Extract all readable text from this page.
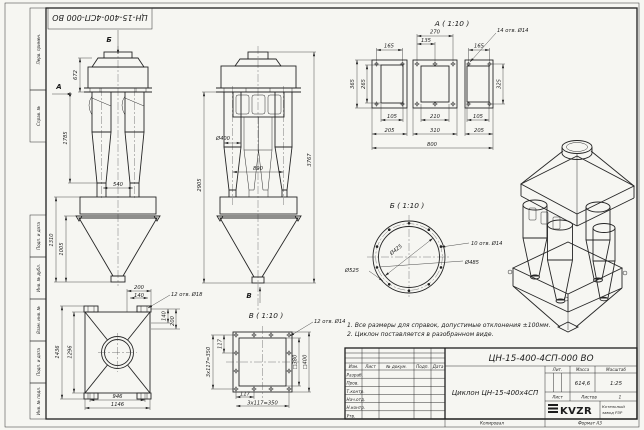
Перв. примен.
Справ. №
Подп. и дата
Инв. № дубл.
Взам. инв. №
Подп. и дата
Инв. № подл.
ЦН-15-400-4СП-000 ВО
672
1785
540
1310
1005
А
Б
Ø400
890
2905
3767
В
А ( 1:10 )
165
270
135
165
14 отв. Ø14
365 265	325
105	210	105
205	310	205
800
Б ( 1:10 )
Ø425
Ø485
Ø525
10 отв. Ø14
200
140	12 отв. Ø18
140
200
1436 1296
946
1146
В ( 1:10 )
12 отв. Ø14
117
3x117=350	□380 □400
117
3x117=350
1. Все размеры для справок, допустимые отклонения ±100мм.
2. Циклон поставляется в разобранном виде.
Изм. Лист № докум. Подп. Дата
Разраб.
Пров.
Т.контр.
Нач.отд.
Н.контр.
Утв.
ЦН-15-400-4СП-000 ВО
Циклон ЦН-15-400х4СП
Лит.	Масса	Масштаб
614,6	1:25
Лист	Листов	1
KVZR	Котельный
завод РЗР
Копировал	Формат А3
